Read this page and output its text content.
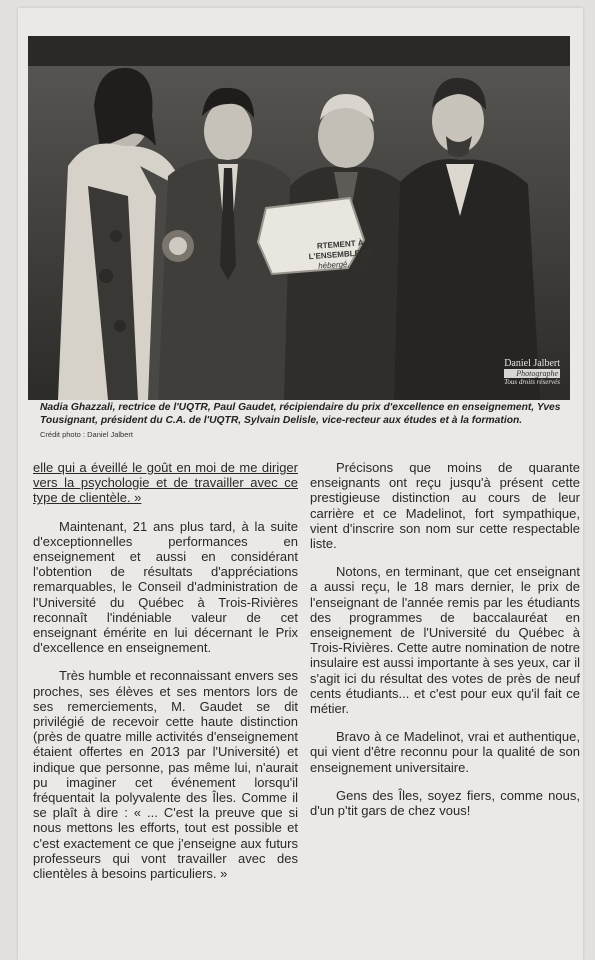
RTEMENT À
L'ENSEMBLE DE
hébergé, non
Daniel Jalbert
Photographe
Tous droits réservés
Nadia Ghazzali, rectrice de l'UQTR, Paul Gaudet, récipiendaire du prix d'excellence en enseignement, Yves Tousignant, président du C.A. de l'UQTR, Sylvain Delisle, vice-recteur aux études et à la formation.
Crédit photo : Daniel Jalbert

elle qui a éveillé le goût en moi de me diriger vers la psychologie et de travailler avec ce type de clientèle. »

Maintenant, 21 ans plus tard, à la suite d'exceptionnelles performances en enseignement et aussi en considérant l'obtention de résultats d'appréciations remarquables, le Conseil d'administration de l'Université du Québec à Trois-Rivières reconnaît l'indéniable valeur de cet enseignant émérite en lui décernant le Prix d'excellence en enseignement.

Très humble et reconnaissant envers ses proches, ses élèves et ses mentors lors de ses remerciements, M. Gaudet se dit privilégié de recevoir cette haute distinction (près de quatre mille activités d'enseignement étaient offertes en 2013 par l'Université) et indique que personne, pas même lui, n'aurait pu imaginer cet événement lorsqu'il fréquentait la polyvalente des Îles. Comme il se plaît à dire : « ... C'est la preuve que si nous mettons les efforts, tout est possible et c'est exactement ce que j'enseigne aux futurs professeurs qui vont travailler avec des clientèles à besoins particuliers. »

Précisons que moins de quarante enseignants ont reçu jusqu'à présent cette prestigieuse distinction au cours de leur carrière et ce Madelinot, fort sympathique, vient d'inscrire son nom sur cette respectable liste.

Notons, en terminant, que cet enseignant a aussi reçu, le 18 mars dernier, le prix de l'enseignant de l'année remis par les étudiants des programmes de baccalauréat en enseignement de l'Université du Québec à Trois-Rivières. Cette autre nomination de notre insulaire est aussi importante à ses yeux, car il s'agit ici du résultat des votes de près de neuf cents étudiants... et c'est pour eux qu'il fait ce métier.

Bravo à ce Madelinot, vrai et authentique, qui vient d'être reconnu pour la qualité de son enseignement universitaire.

Gens des Îles, soyez fiers, comme nous, d'un p'tit gars de chez vous!
